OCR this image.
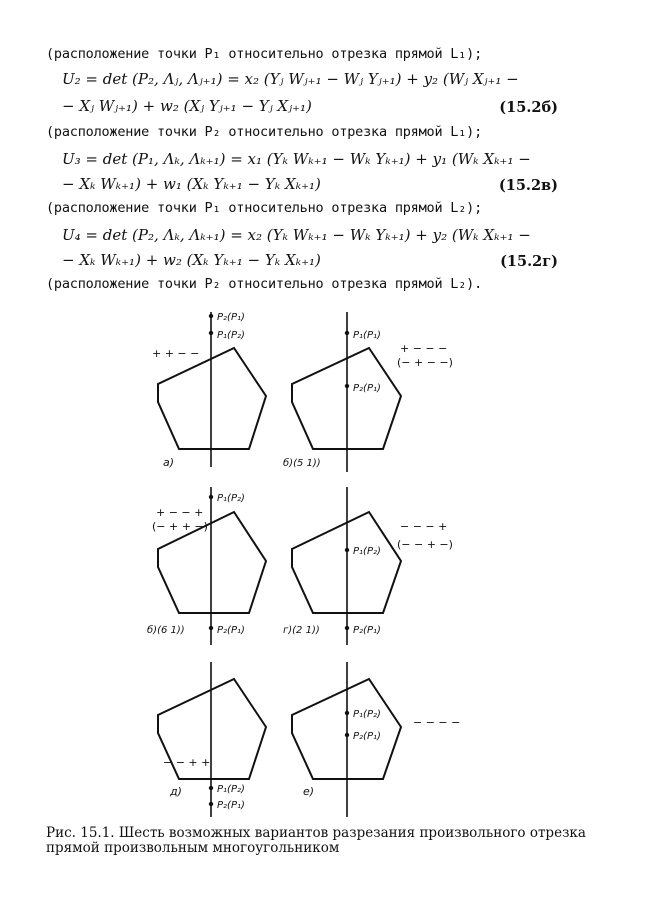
(расположение точки P₁ относительно отрезка прямой L₁);
U₂ = det (P₂, Λⱼ, Λⱼ₊₁) = x₂ (Yⱼ Wⱼ₊₁ − Wⱼ Yⱼ₊₁) + y₂ (Wⱼ Xⱼ₊₁ −
− Xⱼ Wⱼ₊₁) + w₂ (Xⱼ Yⱼ₊₁ − Yⱼ Xⱼ₊₁)	(15.2б)
(расположение точки P₂ относительно отрезка прямой L₁);
U₃ = det (P₁, Λₖ, Λₖ₊₁) = x₁ (Yₖ Wₖ₊₁ − Wₖ Yₖ₊₁) + y₁ (Wₖ Xₖ₊₁ −
− Xₖ Wₖ₊₁) + w₁ (Xₖ Yₖ₊₁ − Yₖ Xₖ₊₁)	(15.2в)
(расположение точки P₁ относительно отрезка прямой L₂);
U₄ = det (P₂, Λₖ, Λₖ₊₁) = x₂ (Yₖ Wₖ₊₁ − Wₖ Yₖ₊₁) + y₂ (Wₖ Xₖ₊₁ −
− Xₖ Wₖ₊₁) + w₂ (Xₖ Yₖ₊₁ − Yₖ Xₖ₊₁)	(15.2г)
(расположение точки P₂ относительно отрезка прямой L₂).
P₂(P₁)
P₁(P₂)
+ + − −
а)
P₁(P₁)
P₂(P₁)
+ − − −
(− + − −)
б)(5 1))
P₁(P₂)
P₂(P₁)
+ − − +
(− + + −)
б)(6 1))
P₁(P₂)
P₂(P₁)
− − − +
(− − + −)
г)(2 1))
P₁(P₂)
P₂(P₁)
− − + +
д)
P₁(P₂)
P₂(P₁)
− − − −
е)
Рис. 15.1. Шесть возможных вариантов разрезания произвольного отрезка прямой произвольным многоугольником
